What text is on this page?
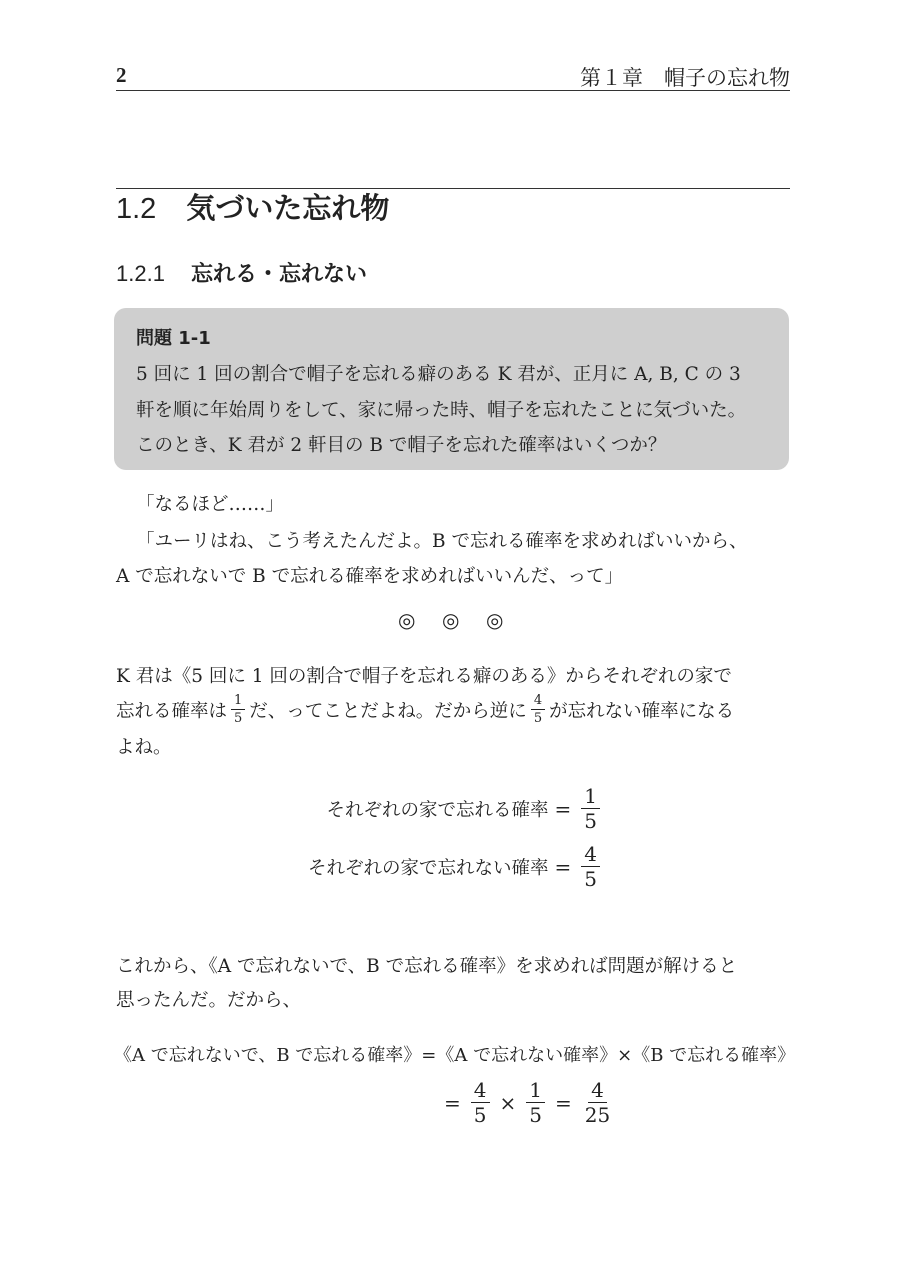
2	第１章　帽子の忘れ物
1.2 気づいた忘れ物
1.2.1 忘れる・忘れない
問題 1-1
5 回に 1 回の割合で帽子を忘れる癖のある K 君が、正月に A, B, C の 3
軒を順に年始周りをして、家に帰った時、帽子を忘れたことに気づいた。
このとき、K 君が 2 軒目の B で帽子を忘れた確率はいくつか？
「なるほど……」
「ユーリはね、こう考えたんだよ。B で忘れる確率を求めればいいから、
A で忘れないで B で忘れる確率を求めればいいんだ、って」
◎ ◎ ◎
K 君は《5 回に 1 回の割合で帽子を忘れる癖のある》からそれぞれの家で
忘れる確率は $\frac{1}{5}$ だ、ってことだよね。だから逆に $\frac{4}{5}$ が忘れない確率になる
よね。
それぞれの家で忘れる確率 = $\frac{1}{5}$
それぞれの家で忘れない確率 = $\frac{4}{5}$
これから、《A で忘れないで、B で忘れる確率》を求めれば問題が解けると
思ったんだ。だから、
《A で忘れないで、B で忘れる確率》=《A で忘れない確率》×《B で忘れる確率》
= $\frac{4}{5} \times \frac{1}{5} = \frac{4}{25}$
